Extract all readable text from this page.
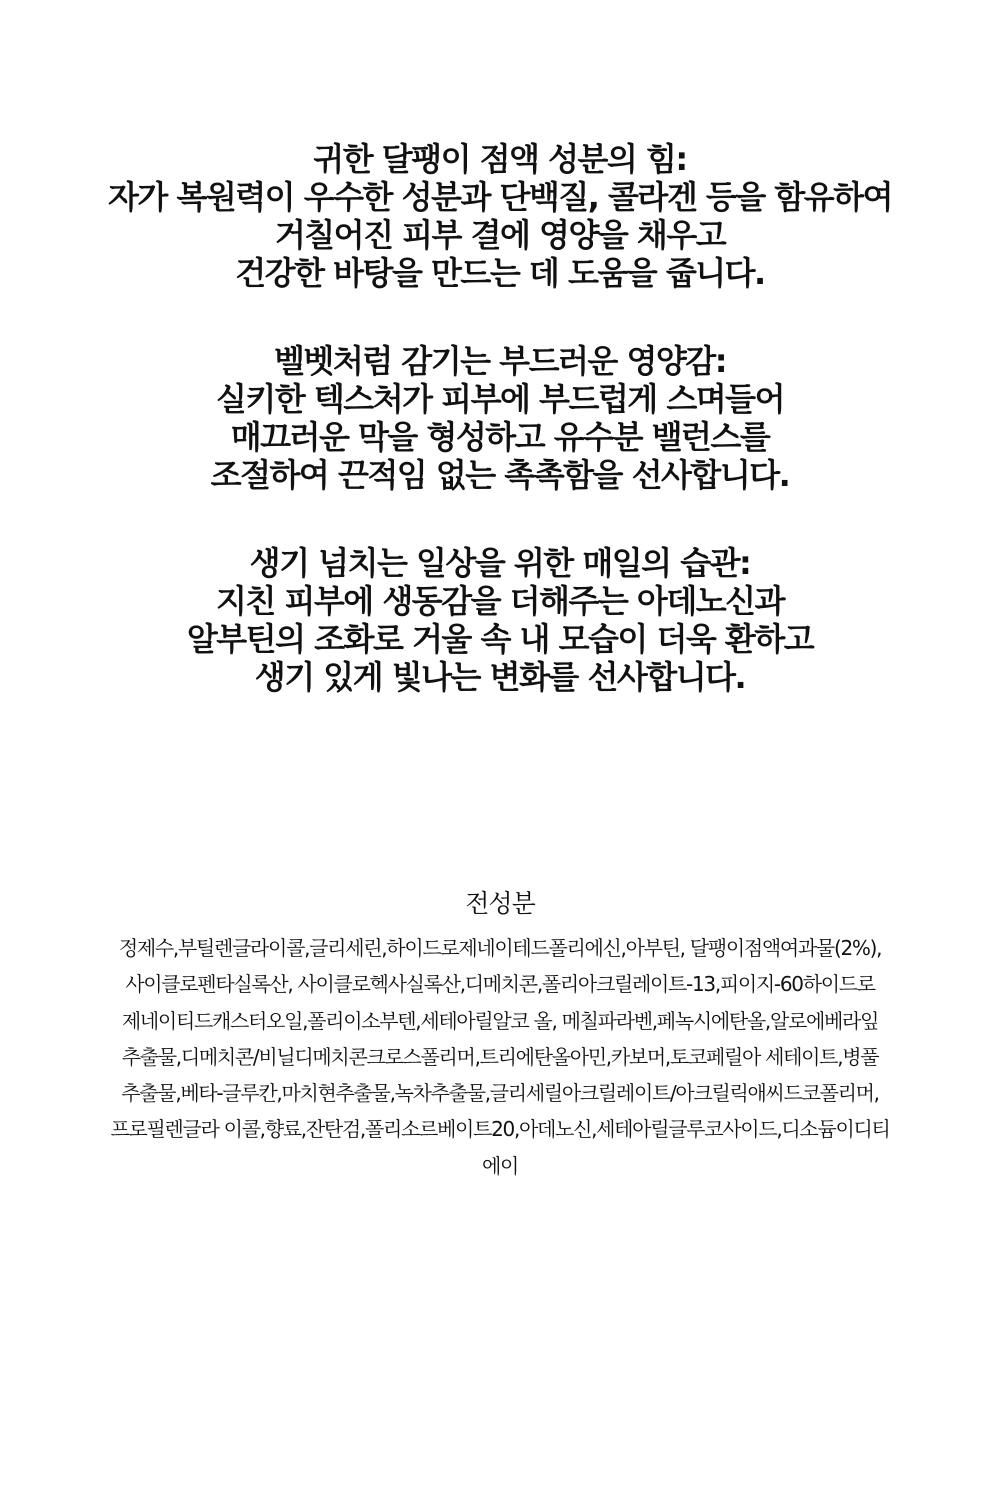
귀한 달팽이 점액 성분의 힘:
자가 복원력이 우수한 성분과 단백질, 콜라겐 등을 함유하여
거칠어진 피부 결에 영양을 채우고
건강한 바탕을 만드는 데 도움을 줍니다.
벨벳처럼 감기는 부드러운 영양감:
실키한 텍스처가 피부에 부드럽게 스며들어
매끄러운 막을 형성하고 유수분 밸런스를
조절하여 끈적임 없는 촉촉함을 선사합니다.
생기 넘치는 일상을 위한 매일의 습관:
지친 피부에 생동감을 더해주는 아데노신과
알부틴의 조화로 거울 속 내 모습이 더욱 환하고
생기 있게 빛나는 변화를 선사합니다.
전성분
정제수,부틸렌글라이콜,글리세린,하이드로제네이테드폴리에신,아부틴, 달팽이점액여과물(2%),
사이클로펜타실록산, 사이클로헥사실록산,디메치콘,폴리아크릴레이트-13,피이지-60하이드로
제네이티드캐스터오일,폴리이소부텐,세테아릴알코 올, 메칠파라벤,페녹시에탄올,알로에베라잎
추출물,디메치콘/비닐디메치콘크로스폴리머,트리에탄올아민,카보머,토코페릴아 세테이트,병풀
추출물,베타-글루칸,마치현추출물,녹차추출물,글리세릴아크릴레이트/아크릴릭애씨드코폴리머,
프로필렌글라 이콜,향료,잔탄검,폴리소르베이트20,아데노신,세테아릴글루코사이드,디소듐이디티
에이
